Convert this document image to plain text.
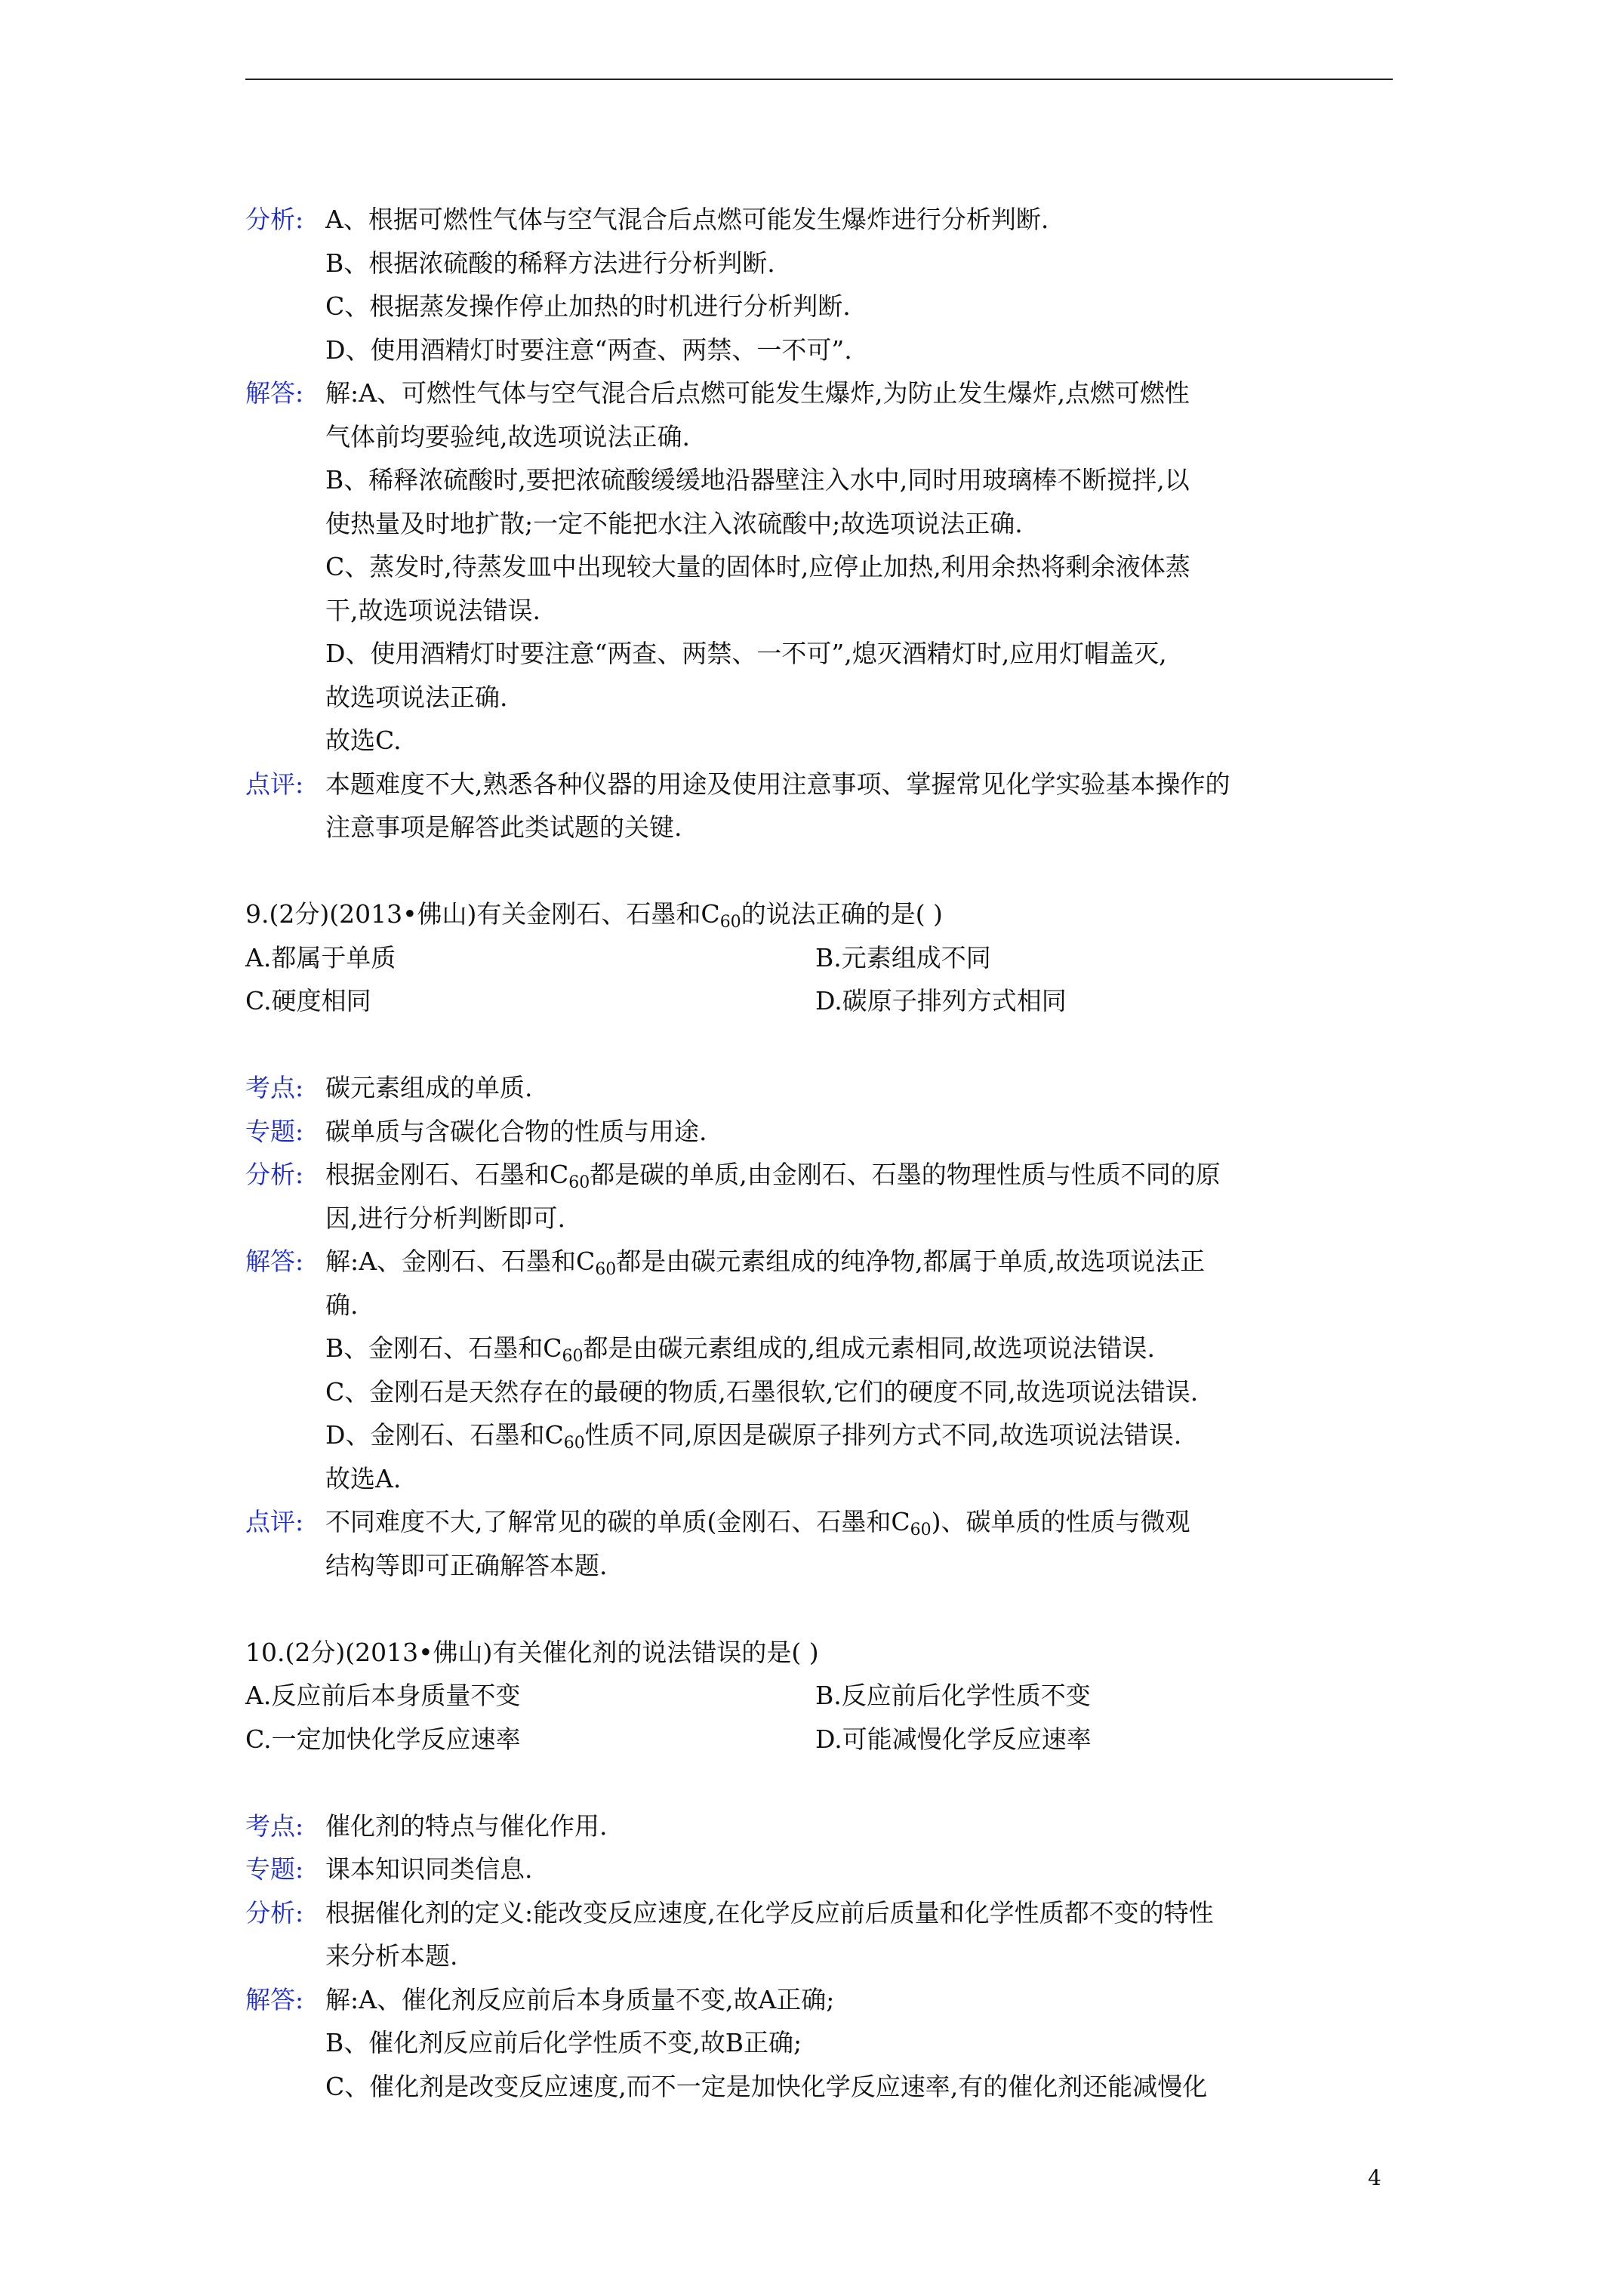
分析: A、根据可燃性气体与空气混合后点燃可能发生爆炸进行分析判断.
B、根据浓硫酸的稀释方法进行分析判断.
C、根据蒸发操作停止加热的时机进行分析判断.
D、使用酒精灯时要注意“两查、两禁、一不可”.
解答: 解:A、可燃性气体与空气混合后点燃可能发生爆炸,为防止发生爆炸,点燃可燃性
气体前均要验纯,故选项说法正确.
B、稀释浓硫酸时,要把浓硫酸缓缓地沿器壁注入水中,同时用玻璃棒不断搅拌,以
使热量及时地扩散;一定不能把水注入浓硫酸中;故选项说法正确.
C、蒸发时,待蒸发皿中出现较大量的固体时,应停止加热,利用余热将剩余液体蒸
干,故选项说法错误.
D、使用酒精灯时要注意“两查、两禁、一不可”,熄灭酒精灯时,应用灯帽盖灭,
故选项说法正确.
故选C.
点评: 本题难度不大,熟悉各种仪器的用途及使用注意事项、掌握常见化学实验基本操作的
注意事项是解答此类试题的关键.
9.(2分)(2013•佛山)有关金刚石、石墨和$C_{60}$的说法正确的是( )
A.都属于单质	B.元素组成不同
C.硬度相同	D.碳原子排列方式相同
考点: 碳元素组成的单质.
专题: 碳单质与含碳化合物的性质与用途.
分析: 根据金刚石、石墨和$C_{60}$都是碳的单质,由金刚石、石墨的物理性质与性质不同的原
因,进行分析判断即可.
解答: 解:A、金刚石、石墨和$C_{60}$都是由碳元素组成的纯净物,都属于单质,故选项说法正
确.
B、金刚石、石墨和$C_{60}$都是由碳元素组成的,组成元素相同,故选项说法错误.
C、金刚石是天然存在的最硬的物质,石墨很软,它们的硬度不同,故选项说法错误.
D、金刚石、石墨和$C_{60}$性质不同,原因是碳原子排列方式不同,故选项说法错误.
故选A.
点评: 不同难度不大,了解常见的碳的单质(金刚石、石墨和$C_{60}$)、碳单质的性质与微观
结构等即可正确解答本题.
10.(2分)(2013•佛山)有关催化剂的说法错误的是( )
A.反应前后本身质量不变	B.反应前后化学性质不变
C.一定加快化学反应速率	D.可能减慢化学反应速率
考点: 催化剂的特点与催化作用.
专题: 课本知识同类信息.
分析: 根据催化剂的定义:能改变反应速度,在化学反应前后质量和化学性质都不变的特性
来分析本题.
解答: 解:A、催化剂反应前后本身质量不变,故A正确;
B、催化剂反应前后化学性质不变,故B正确;
C、催化剂是改变反应速度,而不一定是加快化学反应速率,有的催化剂还能减慢化
4
